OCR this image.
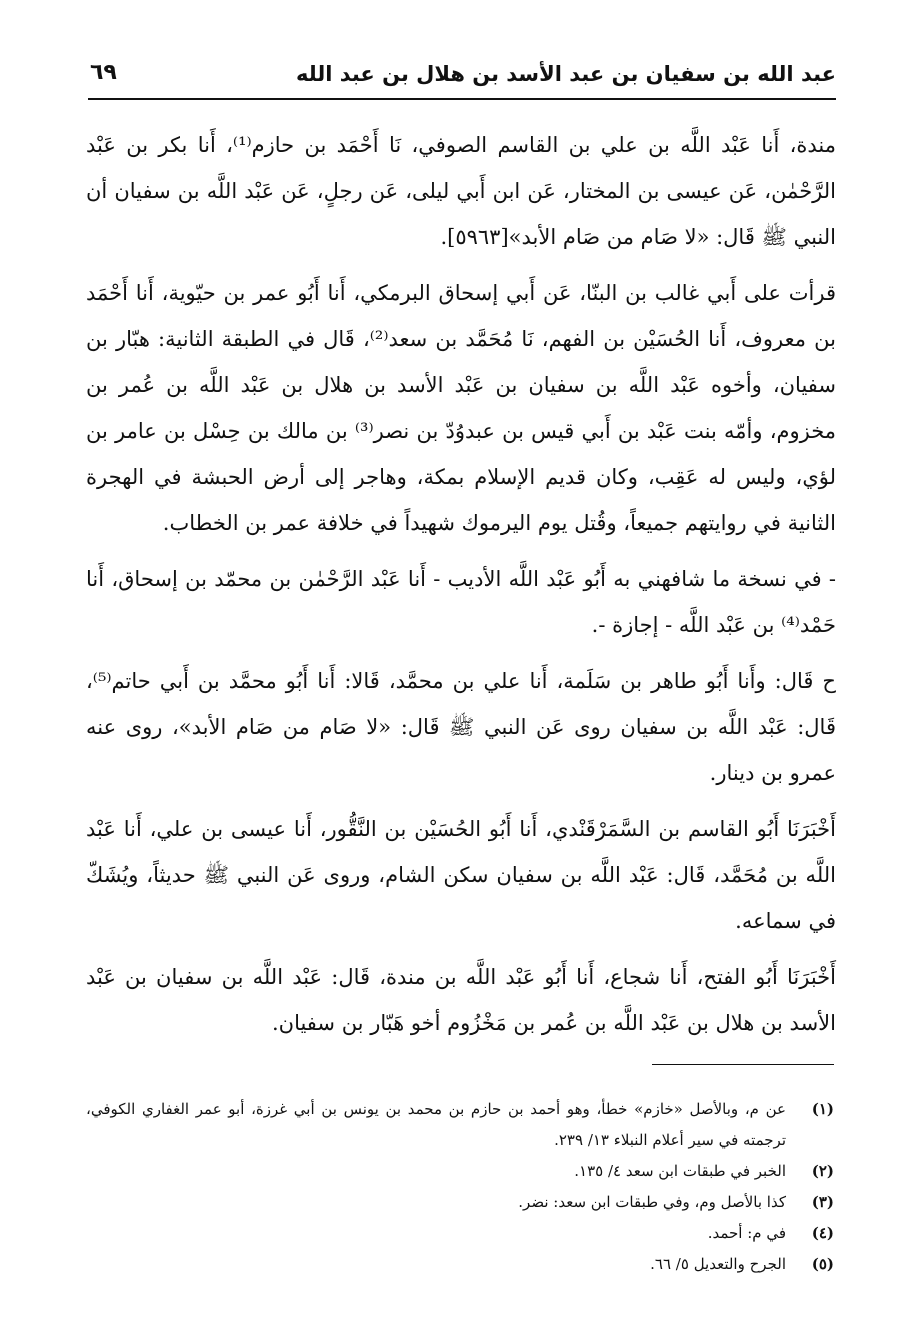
عبد الله بن سفيان بن عبد الأسد بن هلال بن عبد الله
٦٩

مندة، أَنا عَبْد اللَّه بن علي بن القاسم الصوفي، نَا أَحْمَد بن حازم⁽¹⁾، أَنا بكر بن عَبْد الرَّحْمٰن، عَن عيسى بن المختار، عَن ابن أَبي ليلى، عَن رجلٍ، عَن عَبْد اللَّه بن سفيان أن النبي ﷺ قَال: «لا صَام من صَام الأبد»[٥٩٦٣].

قرأت على أَبي غالب بن البنّا، عَن أَبي إسحاق البرمكي، أَنا أَبُو عمر بن حيّوية، أَنا أَحْمَد بن معروف، أَنا الحُسَيْن بن الفهم، نَا مُحَمَّد بن سعد⁽²⁾، قَال في الطبقة الثانية: هبّار بن سفيان، وأخوه عَبْد اللَّه بن سفيان بن عَبْد الأسد بن هلال بن عَبْد اللَّه بن عُمر بن مخزوم، وأمّه بنت عَبْد بن أَبي قيس بن عبدوُدّ بن نصر⁽³⁾ بن مالك بن حِسْل بن عامر بن لؤي، وليس له عَقِب، وكان قديم الإسلام بمكة، وهاجر إلى أرض الحبشة في الهجرة الثانية في روايتهم جميعاً، وقُتل يوم اليرموك شهيداً في خلافة عمر بن الخطاب.

- في نسخة ما شافهني به أَبُو عَبْد اللَّه الأديب - أَنا عَبْد الرَّحْمٰن بن محمّد بن إسحاق، أَنا حَمْد⁽⁴⁾ بن عَبْد اللَّه - إجازة -.

ح قَال: وأَنا أَبُو طاهر بن سَلَمة، أَنا علي بن محمَّد، قَالا: أَنا أَبُو محمَّد بن أَبي حاتم⁽⁵⁾، قَال: عَبْد اللَّه بن سفيان روى عَن النبي ﷺ قَال: «لا صَام من صَام الأبد»، روى عنه عمرو بن دينار.

أَخْبَرَنَا أَبُو القاسم بن السَّمَرْقَنْدي، أَنا أَبُو الحُسَيْن بن النَّقُّور، أَنا عيسى بن علي، أَنا عَبْد اللَّه بن مُحَمَّد، قَال: عَبْد اللَّه بن سفيان سكن الشام، وروى عَن النبي ﷺ حديثاً، ويُشَكّ في سماعه.

أَخْبَرَنَا أَبُو الفتح، أَنا شجاع، أَنا أَبُو عَبْد اللَّه بن مندة، قَال: عَبْد اللَّه بن سفيان بن عَبْد الأسد بن هلال بن عَبْد اللَّه بن عُمر بن مَخْزُوم أخو هَبّار بن سفيان.

(١)
عن م، وبالأصل «خازم» خطأ، وهو أحمد بن حازم بن محمد بن يونس بن أبي غرزة، أبو عمر الغفاري الكوفي، ترجمته في سير أعلام النبلاء ١٣/ ٢٣٩.
(٢)
الخبر في طبقات ابن سعد ٤/ ١٣٥.
(٣)
كذا بالأصل وم، وفي طبقات ابن سعد: نضر.
(٤)
في م: أحمد.
(٥)
الجرح والتعديل ٥/ ٦٦.
